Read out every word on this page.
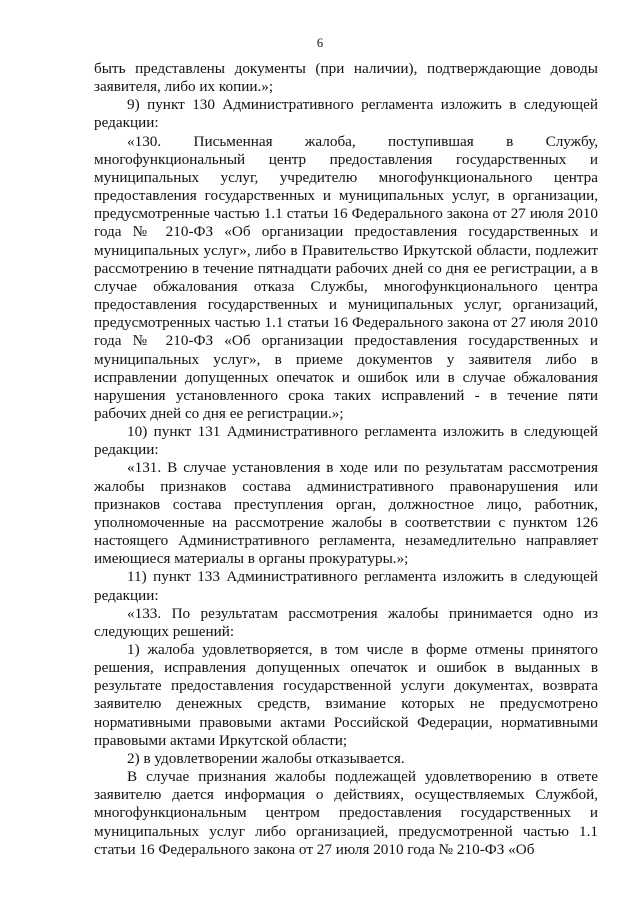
6

быть представлены документы (при наличии), подтверждающие доводы заявителя, либо их копии.»;

9) пункт 130 Административного регламента изложить в следующей редакции:

«130. Письменная жалоба, поступившая в Службу, многофункциональный центр предоставления государственных и муниципальных услуг, учредителю многофункционального центра предоставления государственных и муниципальных услуг, в организации, предусмотренные частью 1.1 статьи 16 Федерального закона от 27 июля 2010 года № 210-ФЗ «Об организации предоставления государственных и муниципальных услуг», либо в Правительство Иркутской области, подлежит рассмотрению в течение пятнадцати рабочих дней со дня ее регистрации, а в случае обжалования отказа Службы, многофункционального центра предоставления государственных и муниципальных услуг, организаций, предусмотренных частью 1.1 статьи 16 Федерального закона от 27 июля 2010 года № 210-ФЗ «Об организации предоставления государственных и муниципальных услуг», в приеме документов у заявителя либо в исправлении допущенных опечаток и ошибок или в случае обжалования нарушения установленного срока таких исправлений - в течение пяти рабочих дней со дня ее регистрации.»;

10) пункт 131 Административного регламента изложить в следующей редакции:

«131. В случае установления в ходе или по результатам рассмотрения жалобы признаков состава административного правонарушения или признаков состава преступления орган, должностное лицо, работник, уполномоченные на рассмотрение жалобы в соответствии с пунктом 126 настоящего Административного регламента, незамедлительно направляет имеющиеся материалы в органы прокуратуры.»;

11) пункт 133 Административного регламента изложить в следующей редакции:

«133. По результатам рассмотрения жалобы принимается одно из следующих решений:

1) жалоба удовлетворяется, в том числе в форме отмены принятого решения, исправления допущенных опечаток и ошибок в выданных в результате предоставления государственной услуги документах, возврата заявителю денежных средств, взимание которых не предусмотрено нормативными правовыми актами Российской Федерации, нормативными правовыми актами Иркутской области;

2) в удовлетворении жалобы отказывается.

В случае признания жалобы подлежащей удовлетворению в ответе заявителю дается информация о действиях, осуществляемых Службой, многофункциональным центром предоставления государственных и муниципальных услуг либо организацией, предусмотренной частью 1.1 статьи 16 Федерального закона от 27 июля 2010 года № 210-ФЗ «Об
